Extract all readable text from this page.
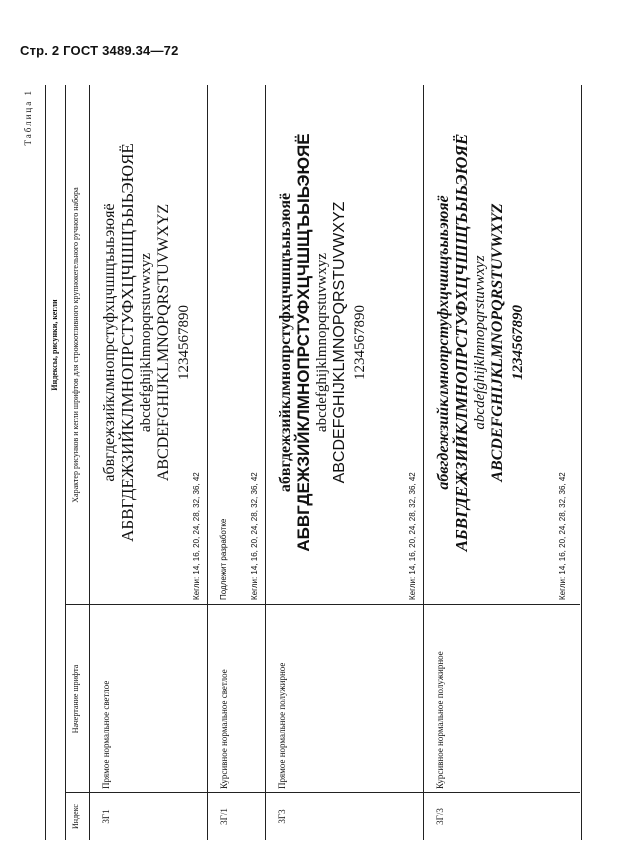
Стр. 2 ГОСТ 3489.34—72
Таблица 1
Индексы, рисунки, кегли
Индекс
Начертание шрифта
Характер рисунков и кегли шрифтов для строкоотливного крупнокегельного ручного набора
3Г1
Прямое нормальное светлое
абвгдежзийклмнопрстуфхцчшщъыьэюяё АБВГДЕЖЗИЙКЛМНОПРСТУФХЦЧШЩЪЫЬЭЮЯЁ abcdefghijklmnopqrstuvwxyz ABCDEFGHIJKLMNOPQRSTUVWXYZ 1234567890
Кегли: 14, 16, 20, 24, 28, 32, 36, 42
3Г/1
Курсивное нормальное светлое
Подлежит разработке	Кегли: 14, 16, 20, 24, 28, 32, 36, 42
3Г3
Прямое нормальное полужирное
абвгдежзийклмнопрстуфхцчшщъыьэюяё АБВГДЕЖЗИЙКЛМНОПРСТУФХЦЧШЩЪЫЬЭЮЯЁ abcdefghijklmnopqrstuvwxyz ABCDEFGHIJKLMNOPQRSTUVWXYZ 1234567890
Кегли: 14, 16, 20, 24, 28, 32, 36, 42
3Г/3
Курсивное нормальное полужирное
абвгдежзийклмнопрстуфхцчшщъыьэюяё АБВГДЕЖЗИЙКЛМНОПРСТУФХЦЧШЩЪЫЬЭЮЯЁ abcdefghijklmnopqrstuvwxyz ABCDEFGHIJKLMNOPQRSTUVWXYZ 1234567890
Кегли: 14, 16, 20, 24, 28, 32, 36, 42
